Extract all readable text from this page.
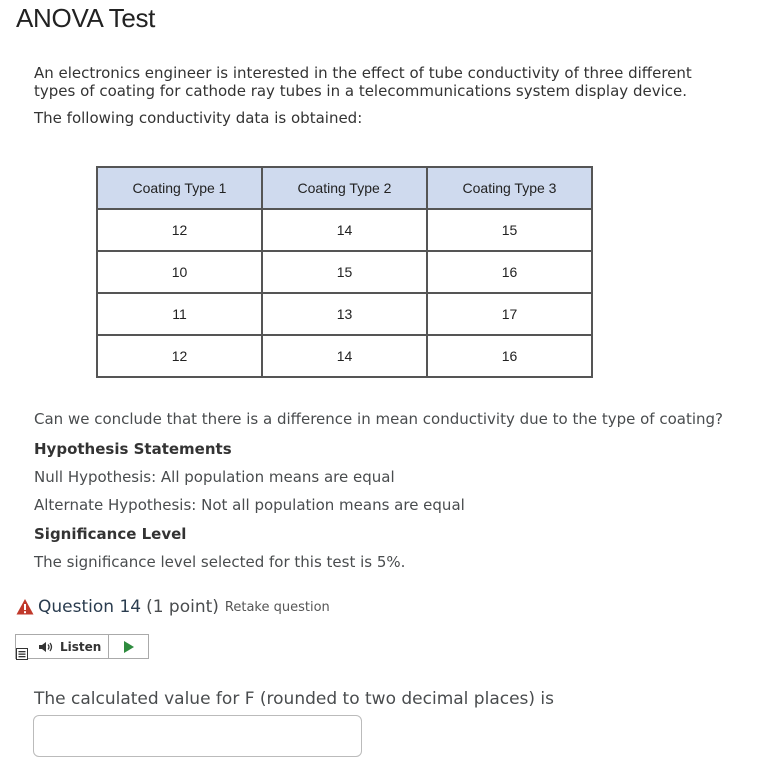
ANOVA Test

An electronics engineer is interested in the effect of tube conductivity of three different types of coating for cathode ray tubes in a telecommunications system display device.

The following conductivity data is obtained:
Coating Type 1	Coating Type 2	Coating Type 3
12	14	15
10	15	16
11	13	17
12	14	16
Can we conclude that there is a difference in mean conductivity due to the type of coating?
Hypothesis Statements
Null Hypothesis: All population means are equal
Alternate Hypothesis: Not all population means are equal
Significance Level
The significance level selected for this test is 5%.
Question 14 (1 point) Retake question
Listen
The calculated value for F (rounded to two decimal places) is
